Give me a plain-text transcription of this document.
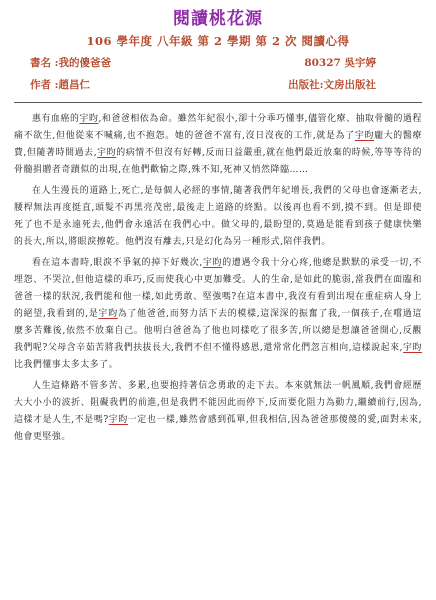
閱讀桃花源
106 學年度 八年級 第 2 學期 第 2 次 閱讀心得
書名 :我的傻爸爸	80327 吳宇婷
作者 :趙昌仁	出版社:文房出版社

惠有血癌的宇昀,和爸爸相依為命。雖然年紀很小,卻十分乖巧懂事,儘管化療、抽取骨髓的過程痛不欲生,但他從來不喊痛,也不抱怨。她的爸爸不富有,沒日沒夜的工作,就是為了宇昀龐大的醫療費,但隨著時間過去,宇昀的病情不但沒有好轉,反而日益嚴重,就在他們最近放棄的時候,等等等待的骨髓捐贈者奇蹟似的出現,在他們歡愉之際,殊不知,死神又悄然降臨……

在人生漫長的道路上,死亡,是每個人必經的事情,隨著我們年紀增長,我們的父母也會逐漸老去,腰桿無法再度挺直,頭髮不再黑亮茂密,最後走上道路的終點。以後再也看不到,摸不到。但是即使死了也不是永遠死去,他們會永遠活在我們心中。做父母的,最盼望的,莫過是能看到孩子健康快樂的長大,所以,將眼淚擦乾。他們沒有離去,只是幻化為另一種形式,陪伴我們。

看在這本書時,眼淚不爭氣的掉下好幾次,宇昀的遭遇令我十分心疼,他總是默默的承受一切,不埋怨、不哭泣,但他這樣的乖巧,反而使我心中更加難受。人的生命,是如此的脆弱,當我們在面臨和爸爸一樣的狀況,我們能和他一樣,如此勇敢、堅強嗎?在這本書中,我沒有看到出現在重症病人身上的絕望,我看到的,是宇昀為了他爸爸,而努力活下去的模樣,這深深的振奮了我,一個孩子,在嚐過這麼多苦難後,依然不放棄自己。他明白爸爸為了他也同樣吃了很多苦,所以總是想讓爸爸開心,反觀我們呢?父母含辛茹苦將我們扶拔長大,我們不但不懂得感恩,還常常化們忽言相向,這樣說起來,宇昀比我們懂事太多太多了。

人生這條路不管多苦、多累,也要抱持著信念勇敢的走下去。本來就無法一帆風順,我們會經歷大大小小的波折、阻礙我們的前進,但是我們不能因此而停下,反而要化阻力為動力,繼續前行,因為,這樣才是人生,不是嗎?宇昀一定也一樣,雖然會感到孤單,但我相信,因為爸爸那傻傻的愛,面對未來,他會更堅強。
